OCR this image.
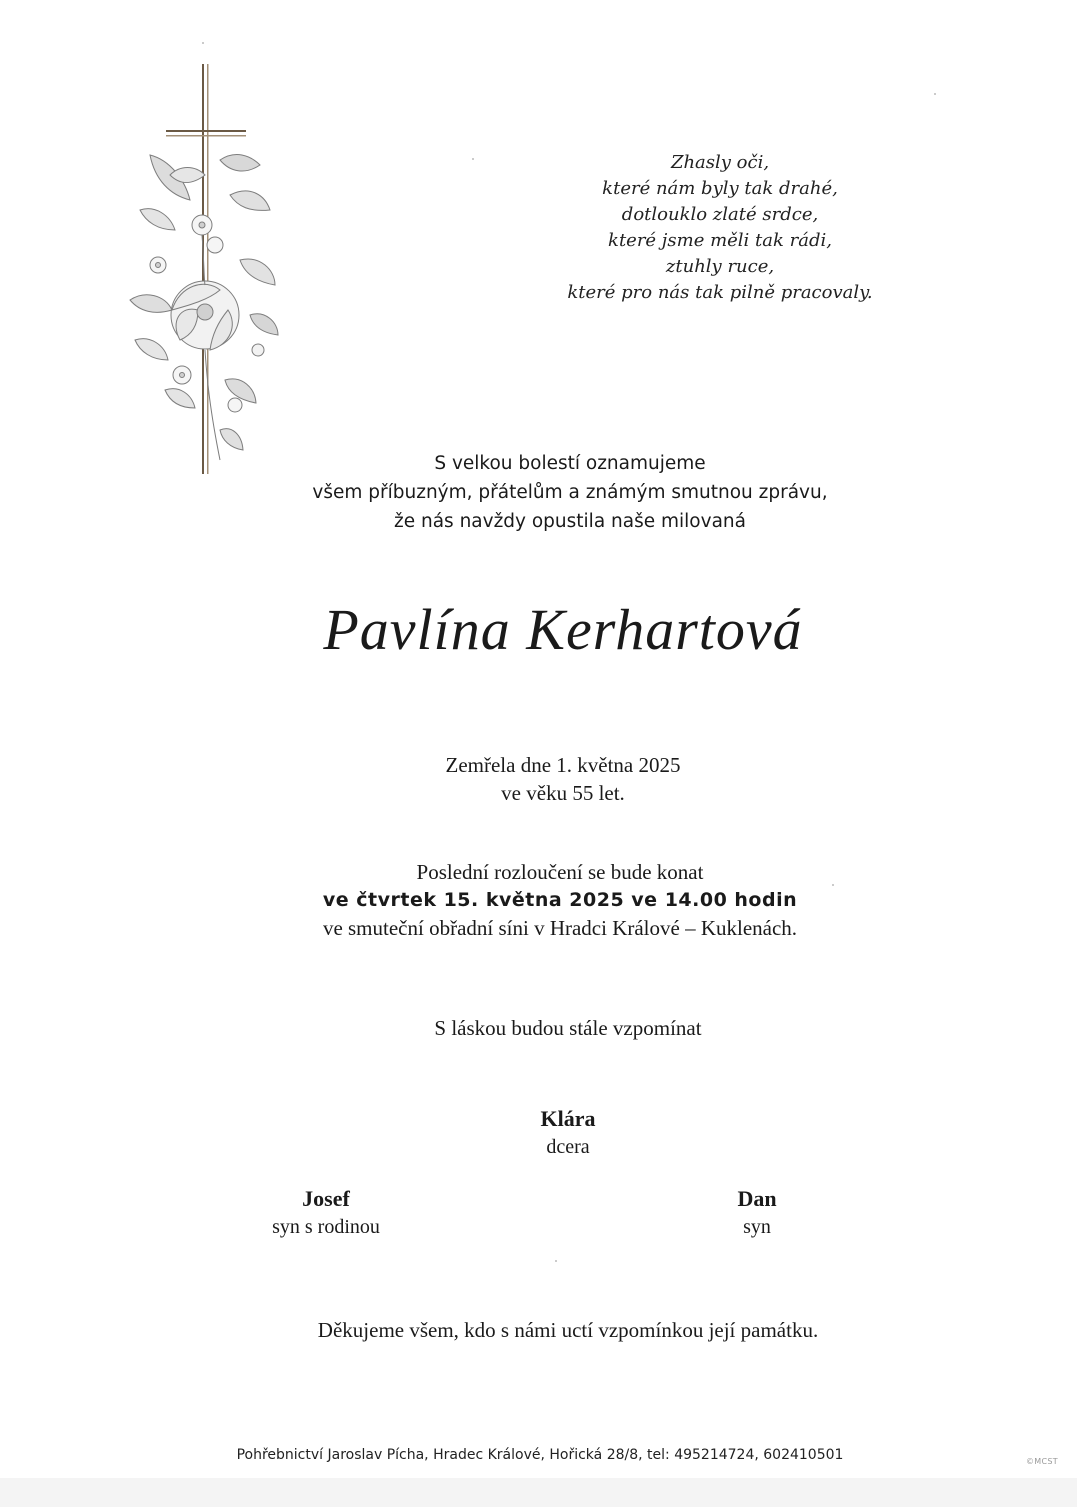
Zhasly oči,
které nám byly tak drahé,
dotlouklo zlaté srdce,
které jsme měli tak rádi,
ztuhly ruce,
které pro nás tak pilně pracovaly.
S velkou bolestí oznamujeme
všem příbuzným, přátelům a známým smutnou zprávu,
že nás navždy opustila naše milovaná
Pavlína Kerhartová
Zemřela dne 1. května 2025
ve věku 55 let.
Poslední rozloučení se bude konat
ve čtvrtek 15. května 2025 ve 14.00 hodin
ve smuteční obřadní síni v Hradci Králové – Kuklenách.
S láskou budou stále vzpomínat
Klára
dcera
Josef
syn s rodinou
Dan
syn
Děkujeme všem, kdo s námi uctí vzpomínkou její památku.
Pohřebnictví Jaroslav Pícha, Hradec Králové, Hořická 28/8, tel: 495214724, 602410501	©MCST
